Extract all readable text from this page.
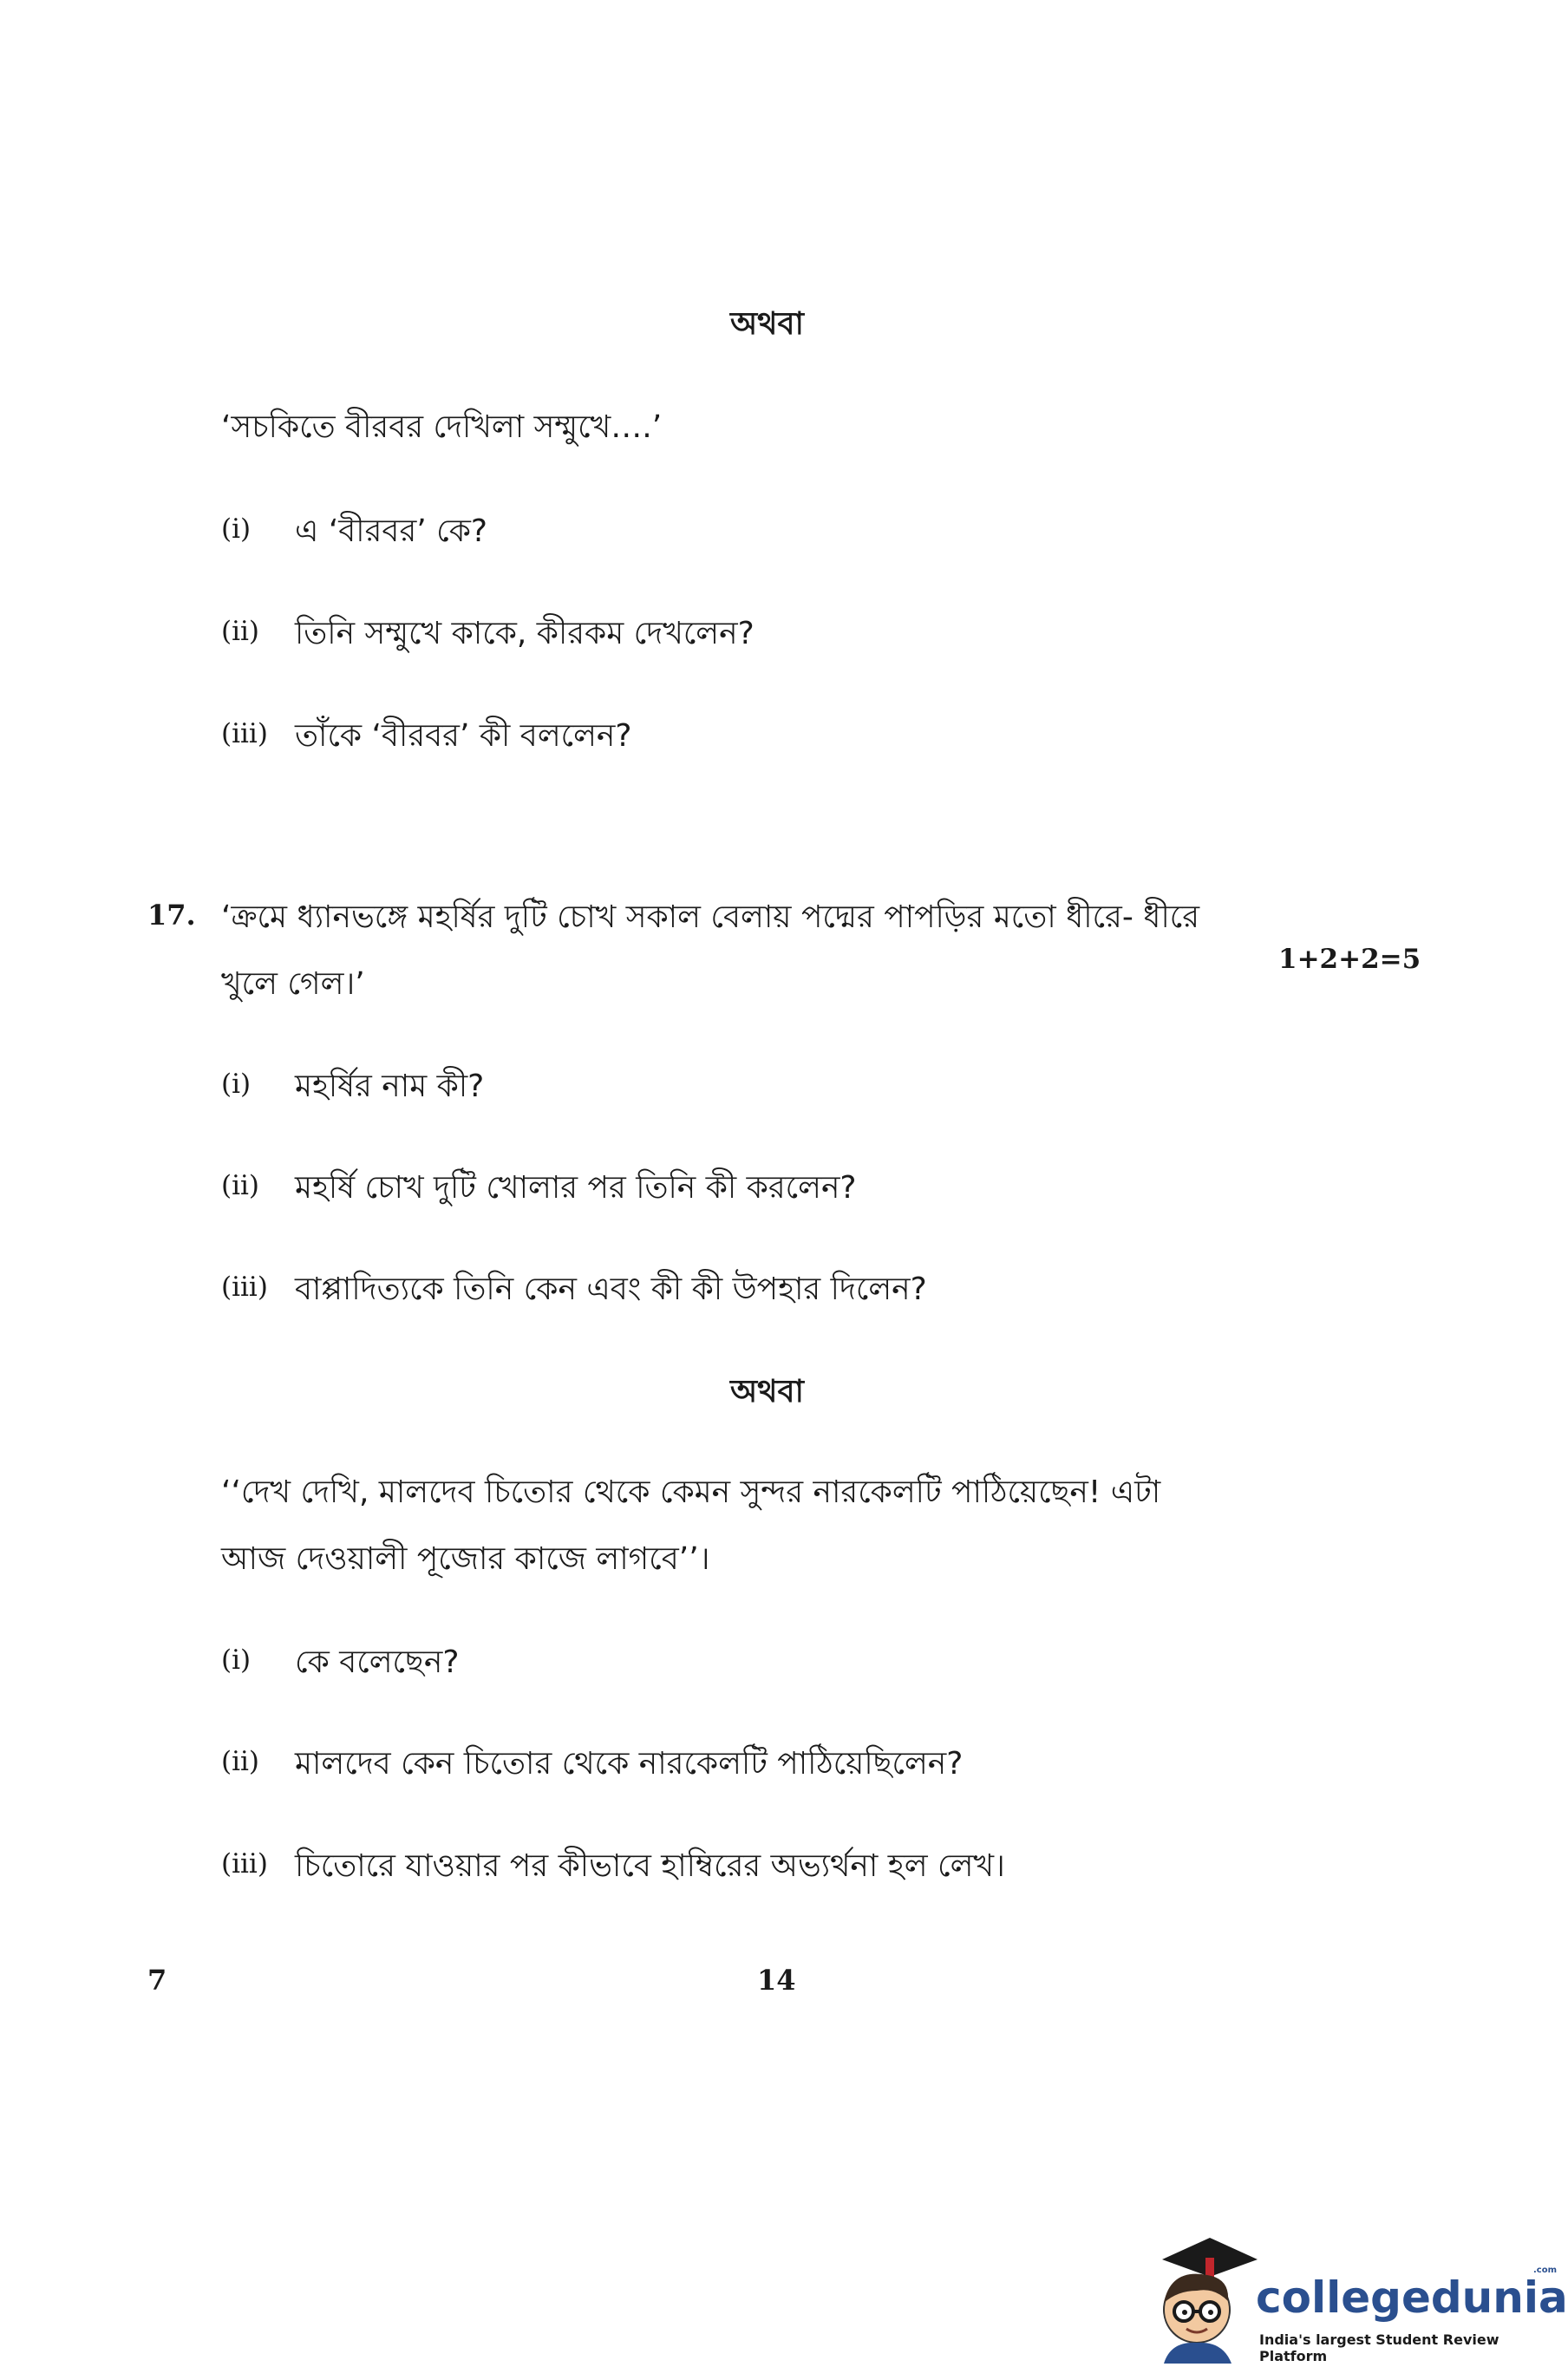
অথবা
‘সচকিতে বীরবর দেখিলা সম্মুখে….’
(i) এ ‘বীরবর’ কে?
(ii) তিনি সম্মুখে কাকে, কীরকম দেখলেন?
(iii) তাঁকে ‘বীরবর’ কী বললেন?
17. ‘ক্রমে ধ্যানভঙ্গে মহর্ষির দুটি চোখ সকাল বেলায় পদ্মের পাপড়ির মতো ধীরে- ধীরে
1+2+2=5
খুলে গেল।’
(i) মহর্ষির নাম কী?
(ii) মহর্ষি চোখ দুটি খোলার পর তিনি কী করলেন?
(iii) বাপ্পাদিত্যকে তিনি কেন এবং কী কী উপহার দিলেন?
অথবা
‘‘দেখ দেখি, মালদেব চিতোর থেকে কেমন সুন্দর নারকেলটি পাঠিয়েছেন! এটা
আজ দেওয়ালী পূজোর কাজে লাগবে’’।
(i) কে বলেছেন?
(ii) মালদেব কেন চিতোর থেকে নারকেলটি পাঠিয়েছিলেন?
(iii) চিতোরে যাওয়ার পর কীভাবে হাম্বিরের অভ্যর্থনা হল লেখ।
7	14
collegedunia
.com
India's largest Student Review Platform
